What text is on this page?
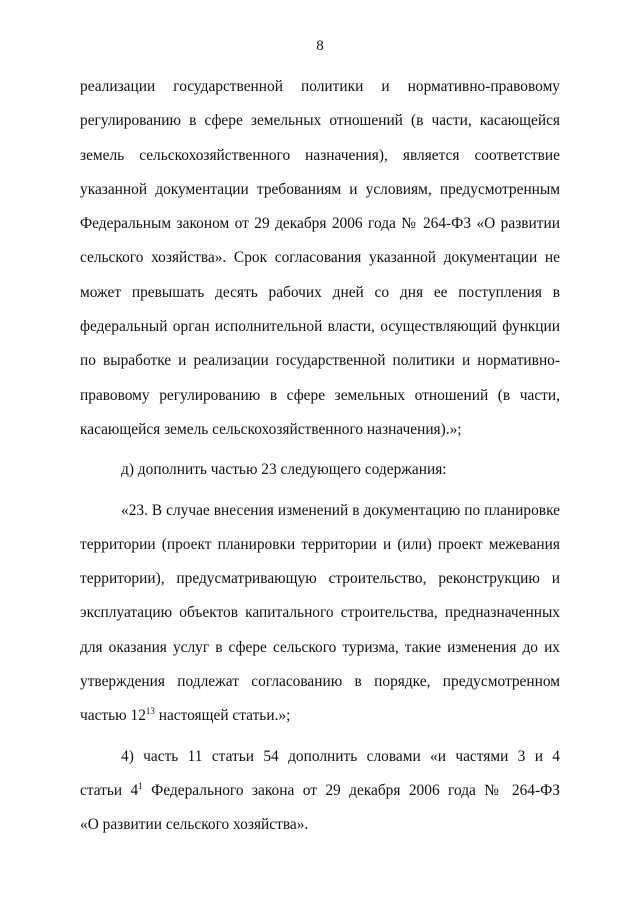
8
реализации государственной политики и нормативно-правовому
регулированию в сфере земельных отношений (в части, касающейся
земель сельскохозяйственного назначения), является соответствие
указанной документации требованиям и условиям, предусмотренным
Федеральным законом от 29 декабря 2006 года № 264-ФЗ «О развитии
сельского хозяйства». Срок согласования указанной документации не
может превышать десять рабочих дней со дня ее поступления в
федеральный орган исполнительной власти, осуществляющий функции
по выработке и реализации государственной политики и нормативно-
правовому регулированию в сфере земельных отношений (в части,
касающейся земель сельскохозяйственного назначения).»;
д) дополнить частью 23 следующего содержания:
«23. В случае внесения изменений в документацию по планировке
территории (проект планировки территории и (или) проект межевания
территории), предусматривающую строительство, реконструкцию и
эксплуатацию объектов капитального строительства, предназначенных
для оказания услуг в сфере сельского туризма, такие изменения до их
утверждения подлежат согласованию в порядке, предусмотренном
частью $12^{13}$ настоящей статьи.»;
4) часть 11 статьи 54 дополнить словами «и частями 3 и 4
статьи $4^1$ Федерального закона от 29 декабря 2006 года № 264-ФЗ
«О развитии сельского хозяйства».
